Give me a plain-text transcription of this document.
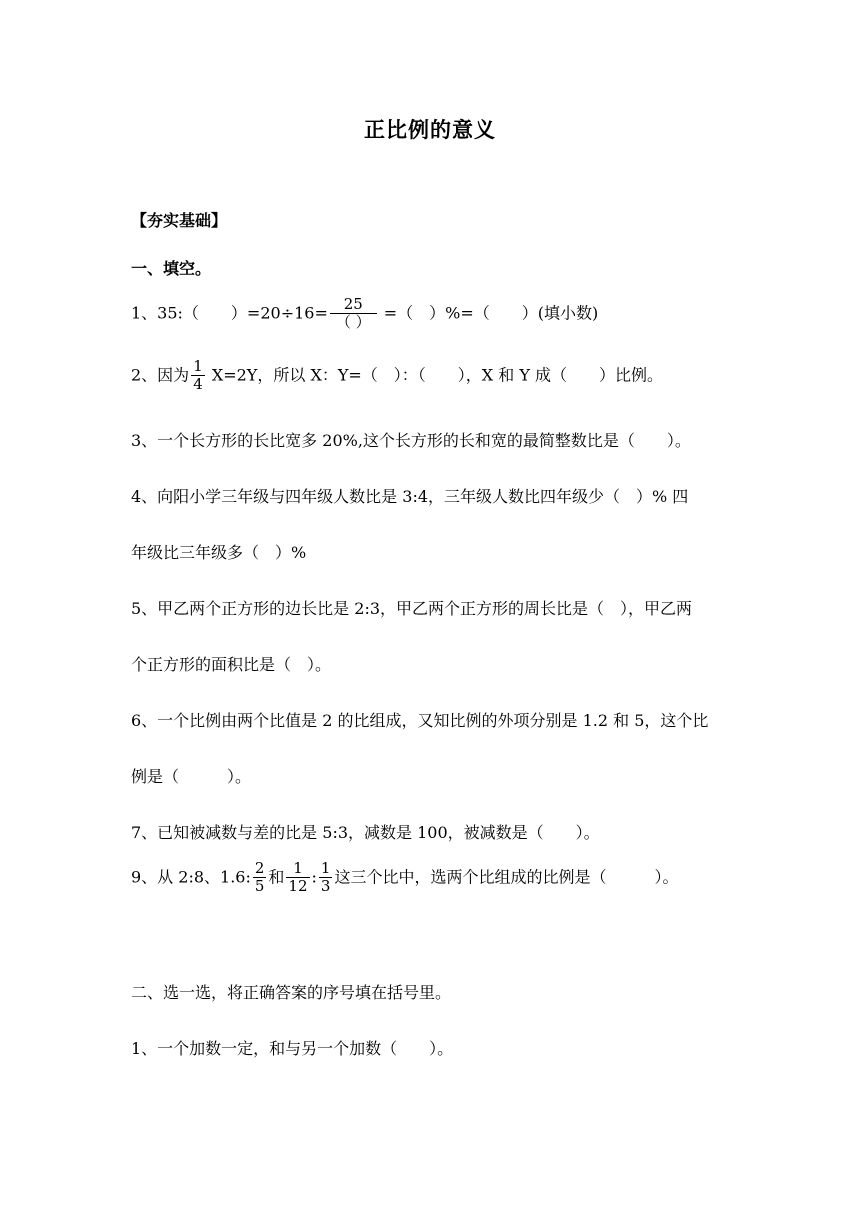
正比例的意义
【夯实基础】
一、填空。
1、35:（　　）$=20\div 16= \frac{25}{( )}$ =（　）%=（　　）(填小数)
2、因为 $\frac{1}{4} X=2Y$，所以 X：Y=（　）：（　　），X 和 Y 成（　　）比例。
3、一个长方形的长比宽多 20%,这个长方形的长和宽的最简整数比是（　　）。
4、向阳小学三年级与四年级人数比是 3:4，三年级人数比四年级少（　）% 四
年级比三年级多（　）%
5、甲乙两个正方形的边长比是 2:3，甲乙两个正方形的周长比是（　），甲乙两
个正方形的面积比是（　）。
6、一个比例由两个比值是 2 的比组成，又知比例的外项分别是 1.2 和 5，这个比
例是（　　　）。
7、已知被减数与差的比是 5:3，减数是 100，被减数是（　　）。
9、从 2:8、1.6: $\frac{2}{5}$ 和 $\frac{1}{12}$ : $\frac{1}{3}$ 这三个比中，选两个比组成的比例是（　　　）。
二、选一选，将正确答案的序号填在括号里。
1、一个加数一定，和与另一个加数（　　）。
